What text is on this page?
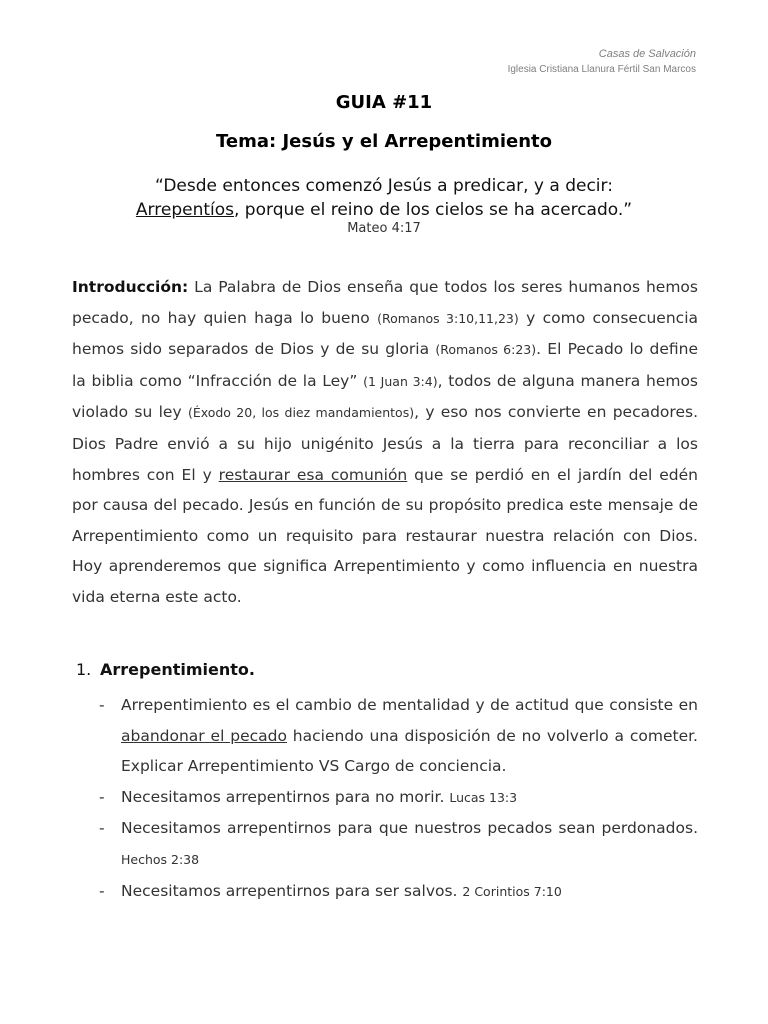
Casas de Salvación
Iglesia Cristiana Llanura Fértil San Marcos
GUIA #11
Tema: Jesús y el Arrepentimiento
“Desde entonces comenzó Jesús a predicar, y a decir:
Arrepentíos, porque el reino de los cielos se ha acercado.”
Mateo 4:17
Introducción: La Palabra de Dios enseña que todos los seres humanos hemos pecado, no hay quien haga lo bueno (Romanos 3:10,11,23) y como consecuencia hemos sido separados de Dios y de su gloria (Romanos 6:23). El Pecado lo define la biblia como “Infracción de la Ley” (1 Juan 3:4), todos de alguna manera hemos violado su ley (Éxodo 20, los diez mandamientos), y eso nos convierte en pecadores. Dios Padre envió a su hijo unigénito Jesús a la tierra para reconciliar a los hombres con El y restaurar esa comunión que se perdió en el jardín del edén por causa del pecado. Jesús en función de su propósito predica este mensaje de Arrepentimiento como un requisito para restaurar nuestra relación con Dios. Hoy aprenderemos que significa Arrepentimiento y como influencia en nuestra vida eterna este acto.
1. Arrepentimiento.
- Arrepentimiento es el cambio de mentalidad y de actitud que consiste en abandonar el pecado haciendo una disposición de no volverlo a cometer. Explicar Arrepentimiento VS Cargo de conciencia.
- Necesitamos arrepentirnos para no morir. Lucas 13:3
- Necesitamos arrepentirnos para que nuestros pecados sean perdonados. Hechos 2:38
- Necesitamos arrepentirnos para ser salvos. 2 Corintios 7:10
